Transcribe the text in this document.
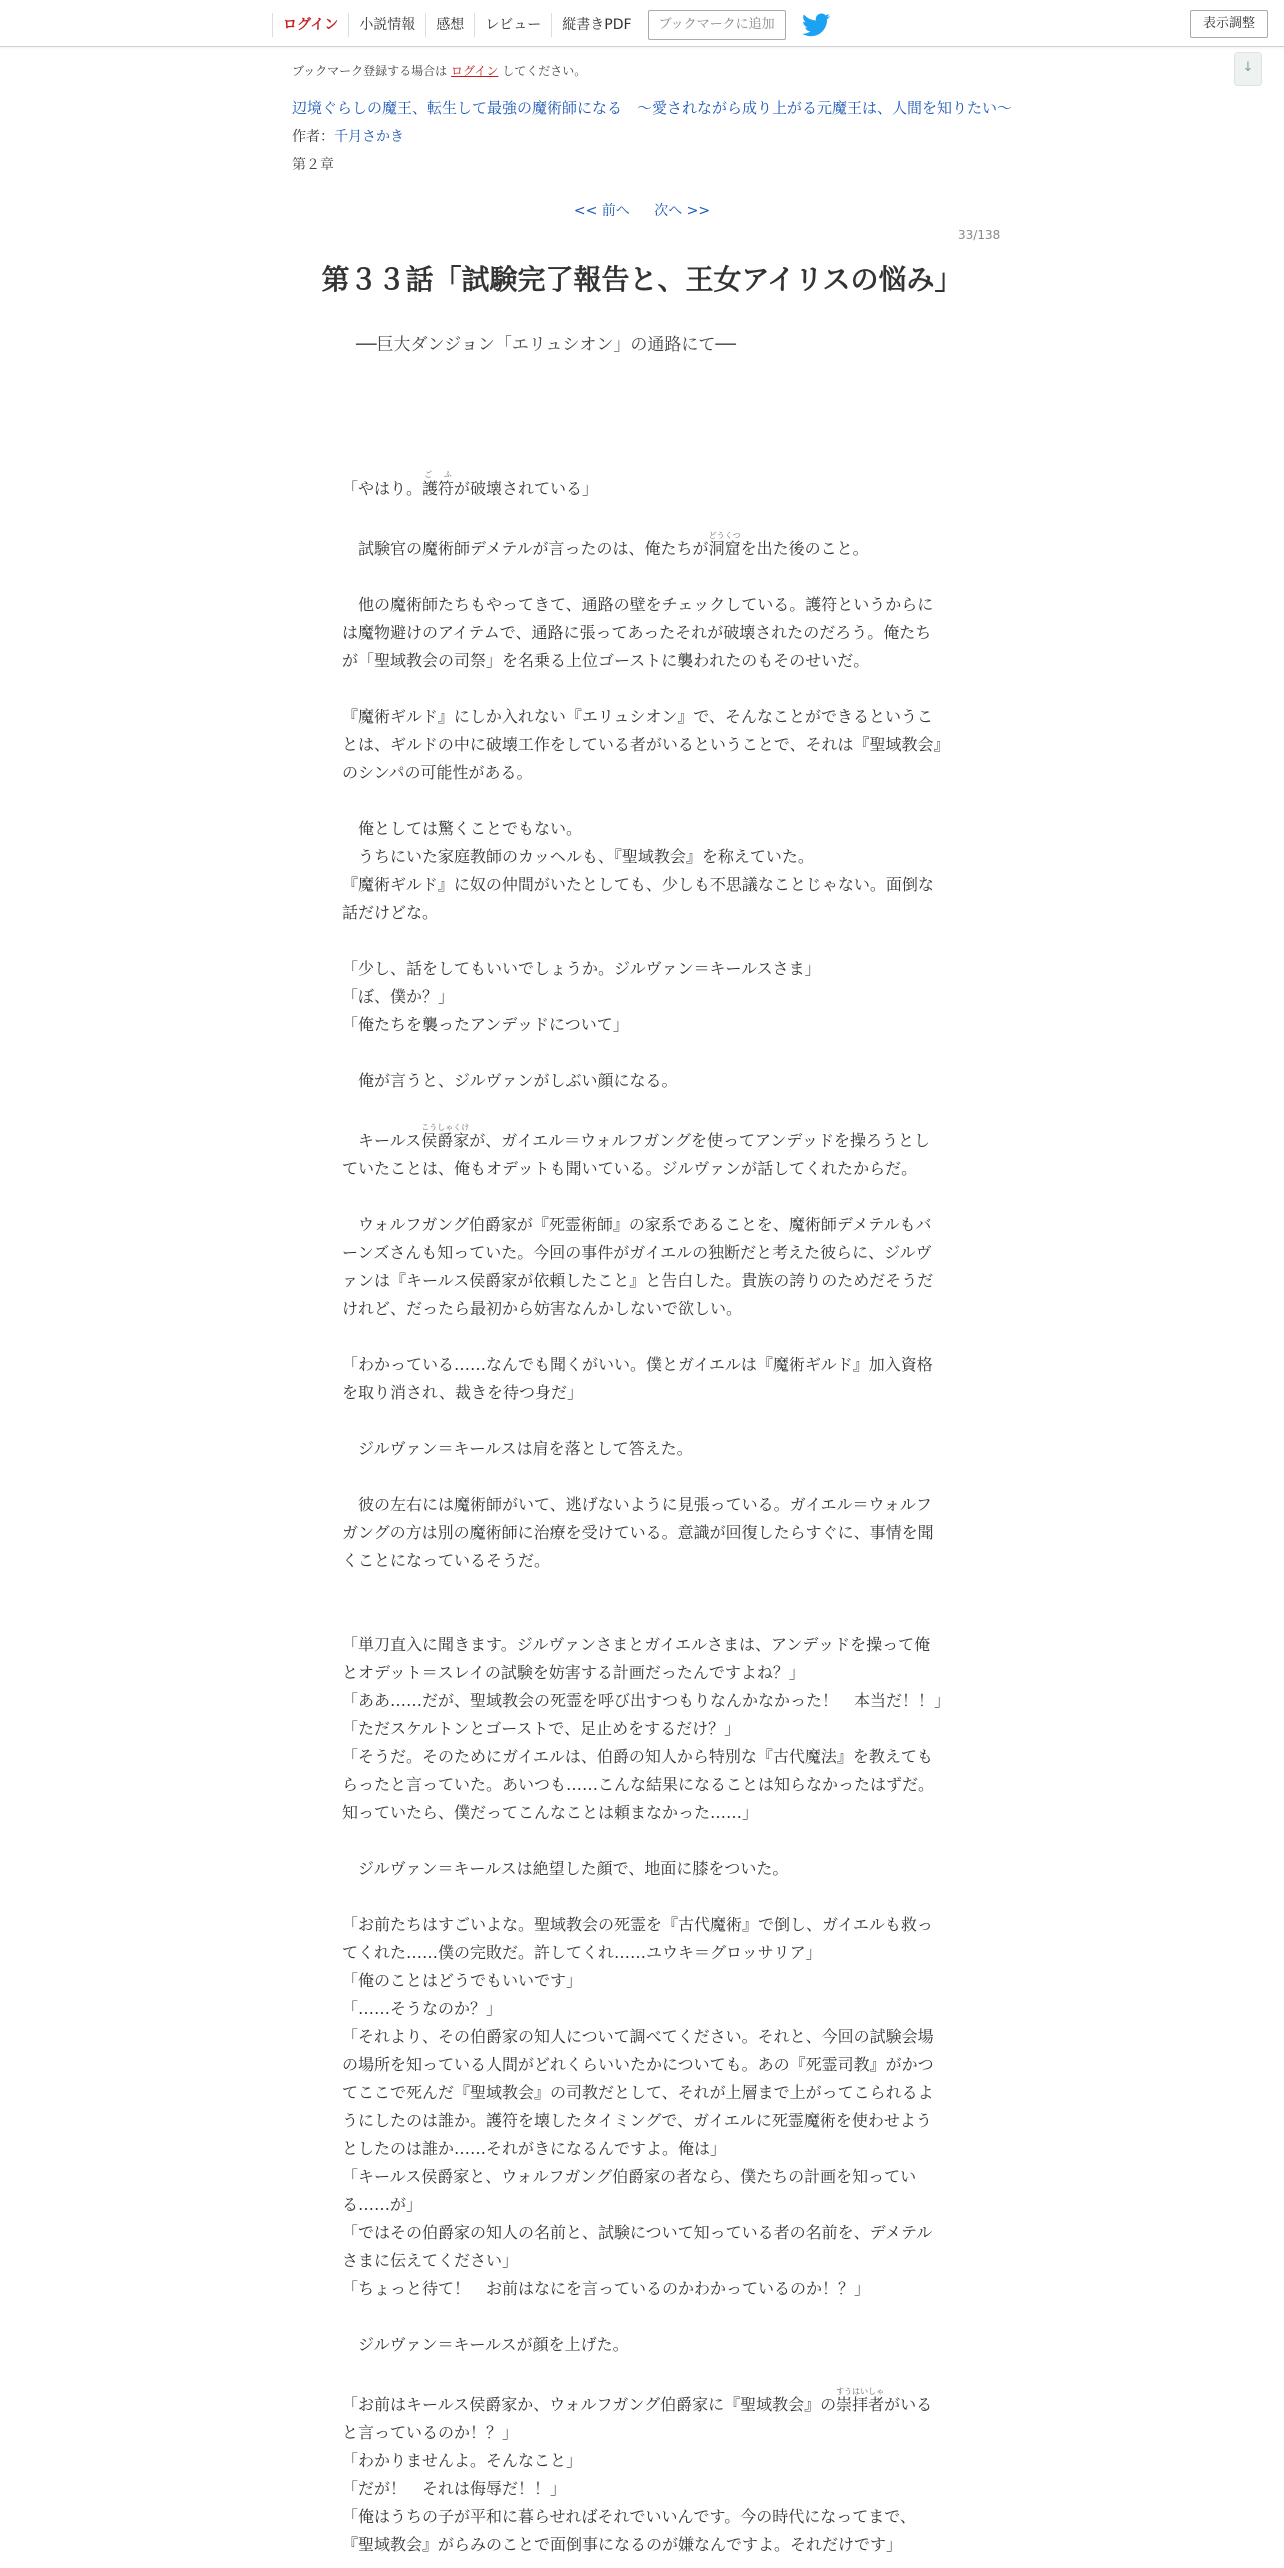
ログイン	小説情報	感想	レビュー	縦書きPDF	ブックマークに追加	表示調整
↓
ブックマーク登録する場合は ログイン してください。
辺境ぐらしの魔王、転生して最強の魔術師になる　〜愛されながら成り上がる元魔王は、人間を知りたい〜
作者：千月さかき
第２章
<< 前へ 次へ >>
33/138
第３３話「試験完了報告と、王女アイリスの悩み」
──巨大ダンジョン「エリュシオン」の通路にて──

「やはり。護符ご ふが破壊されている」

　試験官の魔術師デメテルが言ったのは、俺たちが洞窟どうくつを出た後のこと。

　他の魔術師たちもやってきて、通路の壁をチェックしている。護符というからには魔物避けのアイテムで、通路に張ってあったそれが破壊されたのだろう。俺たちが「聖域教会の司祭」を名乗る上位ゴーストに襲われたのもそのせいだ。

『魔術ギルド』にしか入れない『エリュシオン』で、そんなことができるということは、ギルドの中に破壊工作をしている者がいるということで、それは『聖域教会』のシンパの可能性がある。

　俺としては驚くことでもない。

　うちにいた家庭教師のカッヘルも、『聖域教会』を称えていた。

『魔術ギルド』に奴の仲間がいたとしても、少しも不思議なことじゃない。面倒な話だけどな。

「少し、話をしてもいいでしょうか。ジルヴァン＝キールスさま」

「ぼ、僕か？」

「俺たちを襲ったアンデッドについて」

　俺が言うと、ジルヴァンがしぶい顔になる。

　キールス侯爵家こうしゃくけが、ガイエル＝ウォルフガングを使ってアンデッドを操ろうとしていたことは、俺もオデットも聞いている。ジルヴァンが話してくれたからだ。

　ウォルフガング伯爵家が『死霊術師』の家系であることを、魔術師デメテルもバーンズさんも知っていた。今回の事件がガイエルの独断だと考えた彼らに、ジルヴァンは『キールス侯爵家が依頼したこと』と告白した。貴族の誇りのためだそうだけれど、だったら最初から妨害なんかしないで欲しい。

「わかっている……なんでも聞くがいい。僕とガイエルは『魔術ギルド』加入資格を取り消され、裁きを待つ身だ」

　ジルヴァン＝キールスは肩を落として答えた。

　彼の左右には魔術師がいて、逃げないように見張っている。ガイエル＝ウォルフガングの方は別の魔術師に治療を受けている。意識が回復したらすぐに、事情を聞くことになっているそうだ。

「単刀直入に聞きます。ジルヴァンさまとガイエルさまは、アンデッドを操って俺とオデット＝スレイの試験を妨害する計画だったんですよね？」

「ああ……だが、聖域教会の死霊を呼び出すつもりなんかなかった！　本当だ！！」

「ただスケルトンとゴーストで、足止めをするだけ？」

「そうだ。そのためにガイエルは、伯爵の知人から特別な『古代魔法』を教えてもらったと言っていた。あいつも……こんな結果になることは知らなかったはずだ。知っていたら、僕だってこんなことは頼まなかった……」

　ジルヴァン＝キールスは絶望した顔で、地面に膝をついた。

「お前たちはすごいよな。聖域教会の死霊を『古代魔術』で倒し、ガイエルも救ってくれた……僕の完敗だ。許してくれ……ユウキ＝グロッサリア」

「俺のことはどうでもいいです」

「……そうなのか？」

「それより、その伯爵家の知人について調べてください。それと、今回の試験会場の場所を知っている人間がどれくらいいたかについても。あの『死霊司教』がかつてここで死んだ『聖域教会』の司教だとして、それが上層まで上がってこられるようにしたのは誰か。護符を壊したタイミングで、ガイエルに死霊魔術を使わせようとしたのは誰か……それがきになるんですよ。俺は」

「キールス侯爵家と、ウォルフガング伯爵家の者なら、僕たちの計画を知っている……が」

「ではその伯爵家の知人の名前と、試験について知っている者の名前を、デメテルさまに伝えてください」

「ちょっと待て！　お前はなにを言っているのかわかっているのか！？」

　ジルヴァン＝キールスが顔を上げた。

「お前はキールス侯爵家か、ウォルフガング伯爵家に『聖域教会』の崇拝者すうはいしゃがいると言っているのか！？」

「わかりませんよ。そんなこと」

「だが！　それは侮辱だ！！」

「俺はうちの子が平和に暮らせればそれでいいんです。今の時代になってまで、

『聖域教会』がらみのことで面倒事になるのが嫌なんですよ。それだけです」
